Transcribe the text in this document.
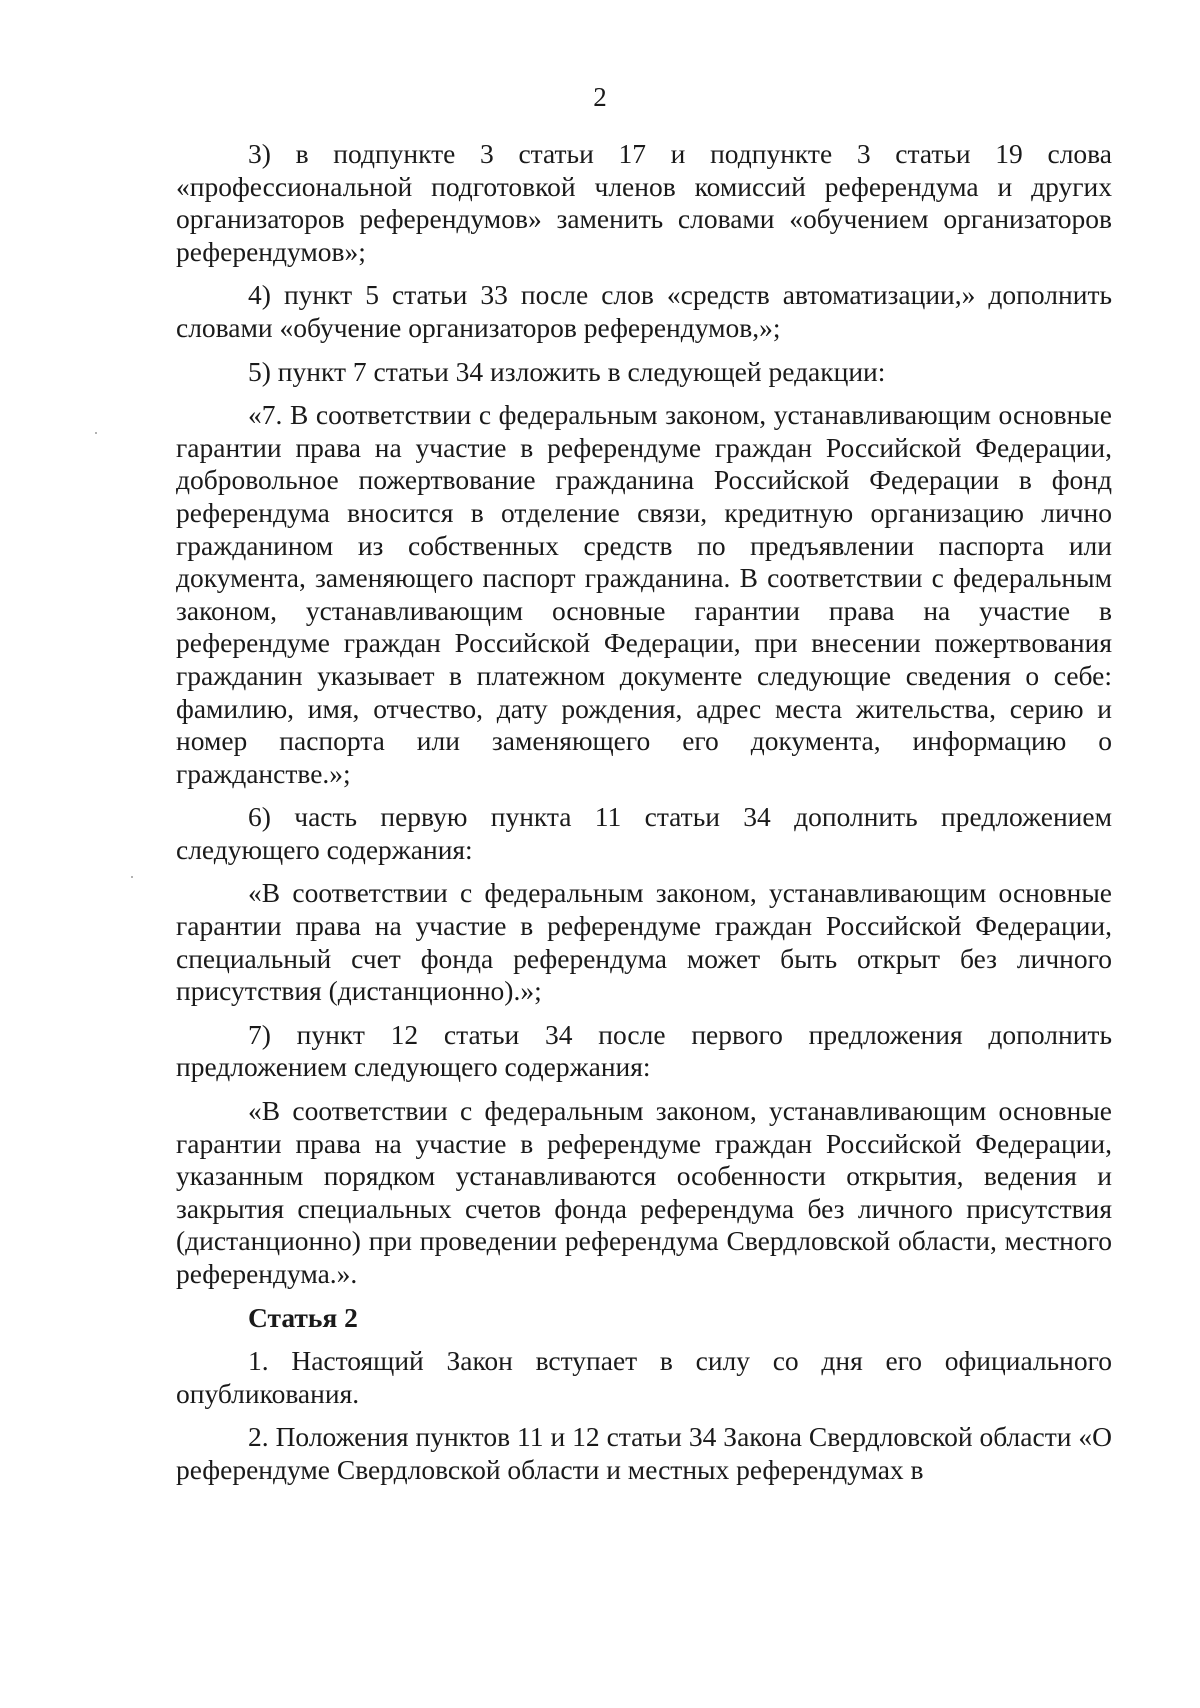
2

3) в подпункте 3 статьи 17 и подпункте 3 статьи 19 слова «профессиональной подготовкой членов комиссий референдума и других организаторов референдумов» заменить словами «обучением организаторов референдумов»;

4) пункт 5 статьи 33 после слов «средств автоматизации,» дополнить словами «обучение организаторов референдумов,»;

5) пункт 7 статьи 34 изложить в следующей редакции:

«7. В соответствии с федеральным законом, устанавливающим основные гарантии права на участие в референдуме граждан Российской Федерации, добровольное пожертвование гражданина Российской Федерации в фонд референдума вносится в отделение связи, кредитную организацию лично гражданином из собственных средств по предъявлении паспорта или документа, заменяющего паспорт гражданина. В соответствии с федеральным законом, устанавливающим основные гарантии права на участие в референдуме граждан Российской Федерации, при внесении пожертвования гражданин указывает в платежном документе следующие сведения о себе: фамилию, имя, отчество, дату рождения, адрес места жительства, серию и номер паспорта или заменяющего его документа, информацию о гражданстве.»;

6) часть первую пункта 11 статьи 34 дополнить предложением следующего содержания:

«В соответствии с федеральным законом, устанавливающим основные гарантии права на участие в референдуме граждан Российской Федерации, специальный счет фонда референдума может быть открыт без личного присутствия (дистанционно).»;

7) пункт 12 статьи 34 после первого предложения дополнить предложением следующего содержания:

«В соответствии с федеральным законом, устанавливающим основные гарантии права на участие в референдуме граждан Российской Федерации, указанным порядком устанавливаются особенности открытия, ведения и закрытия специальных счетов фонда референдума без личного присутствия (дистанционно) при проведении референдума Свердловской области, местного референдума.».

Статья 2

1. Настоящий Закон вступает в силу со дня его официального опубликования.

2. Положения пунктов 11 и 12 статьи 34 Закона Свердловской области «О референдуме Свердловской области и местных референдумах в
